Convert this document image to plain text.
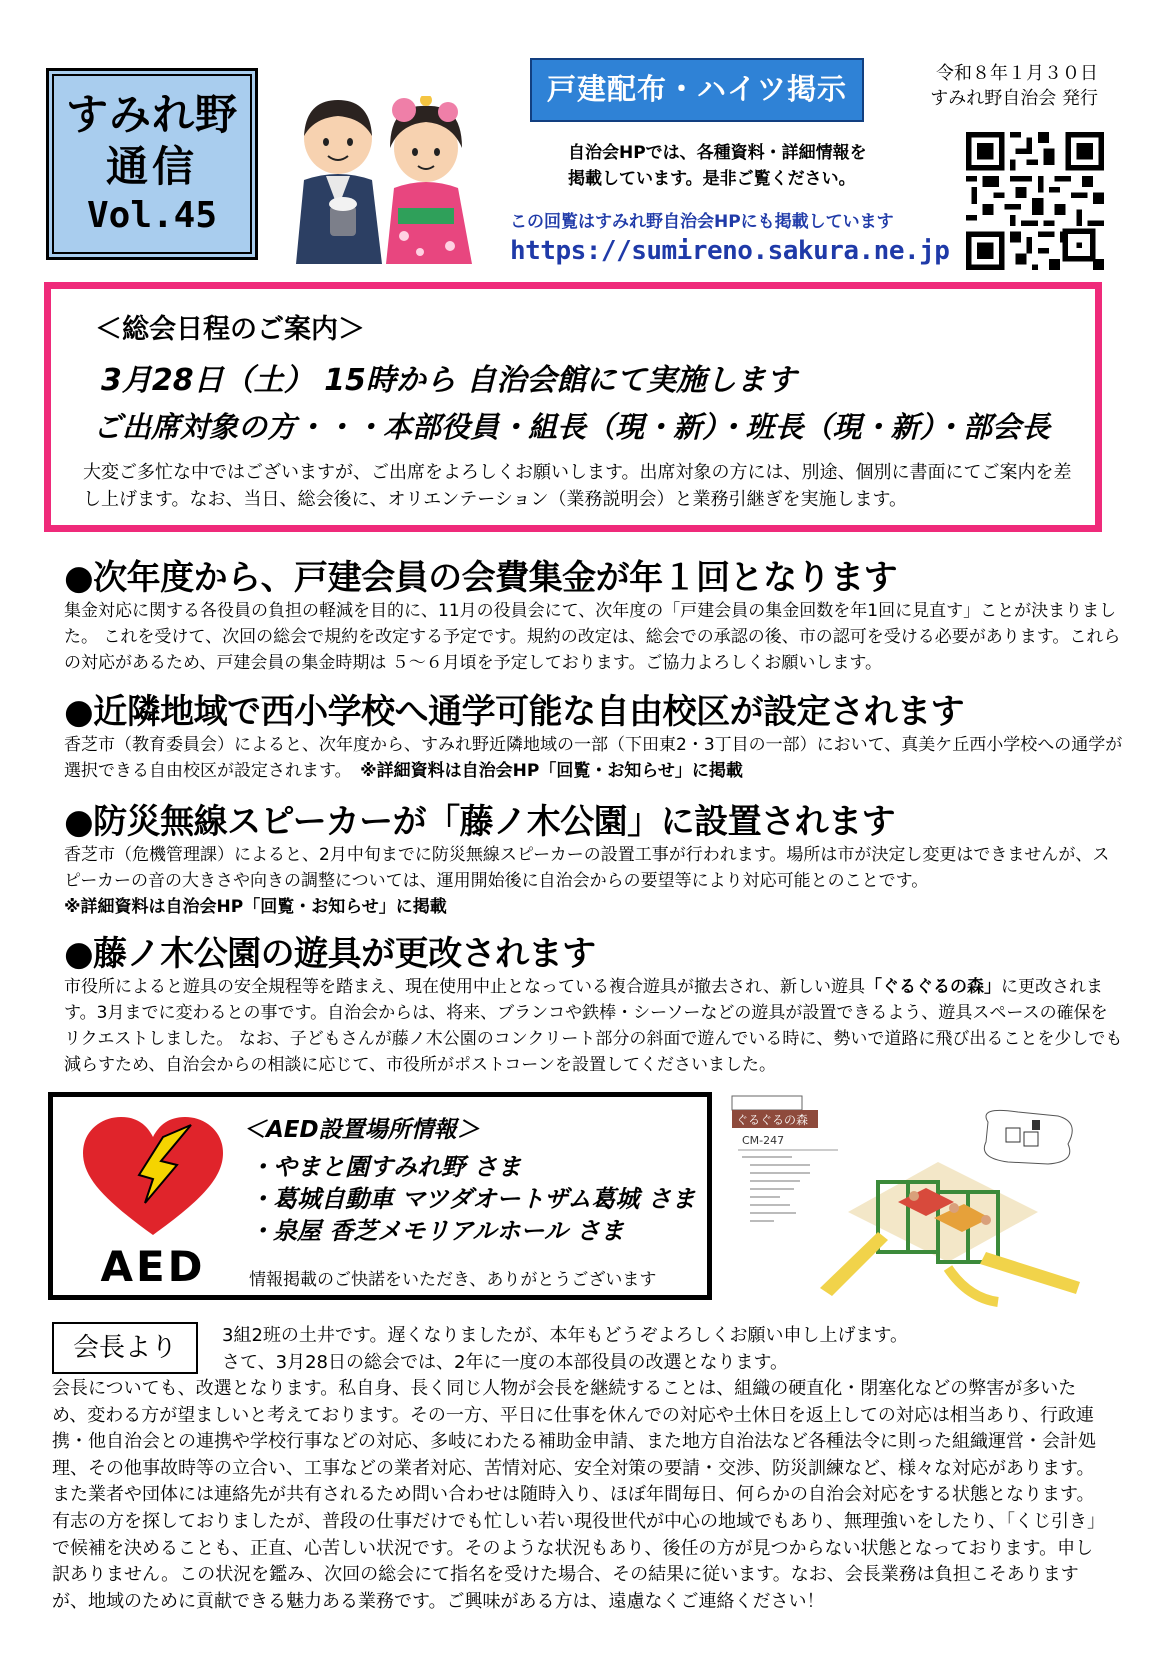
すみれ野
通信
Vol.45
戸建配布・ハイツ掲示
自治会HPでは、各種資料・詳細情報を
掲載しています。是非ご覧ください。
この回覧はすみれ野自治会HPにも掲載しています
https://sumireno.sakura.ne.jp
令和８年１月３０日
すみれ野自治会 発行
＜総会日程のご案内＞
3月28日（土） 15時から 自治会館にて実施します
ご出席対象の方・・・本部役員・組長（現・新）・班長（現・新）・部会長
大変ご多忙な中ではございますが、ご出席をよろしくお願いします。出席対象の方には、別途、個別に書面にてご案内を差し上げます。なお、当日、総会後に、オリエンテーション（業務説明会）と業務引継ぎを実施します。
●次年度から、戸建会員の会費集金が年１回となります
集金対応に関する各役員の負担の軽減を目的に、11月の役員会にて、次年度の「戸建会員の集金回数を年1回に見直す」ことが決まりました。 これを受けて、次回の総会で規約を改定する予定です。規約の改定は、総会での承認の後、市の認可を受ける必要があります。これらの対応があるため、戸建会員の集金時期は ５～６月頃を予定しております。ご協力よろしくお願いします。
●近隣地域で西小学校へ通学可能な自由校区が設定されます
香芝市（教育委員会）によると、次年度から、すみれ野近隣地域の一部（下田東2・3丁目の一部）において、真美ケ丘西小学校への通学が選択できる自由校区が設定されます。　 ※詳細資料は自治会HP「回覧・お知らせ」に掲載
●防災無線スピーカーが「藤ノ木公園」に設置されます
香芝市（危機管理課）によると、2月中旬までに防災無線スピーカーの設置工事が行われます。場所は市が決定し変更はできませんが、スピーカーの音の大きさや向きの調整については、運用開始後に自治会からの要望等により対応可能とのことです。
※詳細資料は自治会HP「回覧・お知らせ」に掲載
●藤ノ木公園の遊具が更改されます
市役所によると遊具の安全規程等を踏まえ、現在使用中止となっている複合遊具が撤去され、新しい遊具「ぐるぐるの森」に更改されます。3月までに変わるとの事です。自治会からは、将来、ブランコや鉄棒・シーソーなどの遊具が設置できるよう、遊具スペースの確保をリクエストしました。 なお、子どもさんが藤ノ木公園のコンクリート部分の斜面で遊んでいる時に、勢いで道路に飛び出ることを少しでも減らすため、自治会からの相談に応じて、市役所がポストコーンを設置してくださいました。
AED
＜AED設置場所情報＞
・やまと園すみれ野 さま
・葛城自動車 マツダオートザム葛城 さま
・泉屋 香芝メモリアルホール さま
情報掲載のご快諾をいただき、ありがとうございます
ぐるぐるの森
CM-247
会長より	3組2班の土井です。遅くなりましたが、本年もどうぞよろしくお願い申し上げます。
さて、3月28日の総会では、2年に一度の本部役員の改選となります。
会長についても、改選となります。私自身、長く同じ人物が会長を継続することは、組織の硬直化・閉塞化などの弊害が多いため、変わる方が望ましいと考えております。その一方、平日に仕事を休んでの対応や土休日を返上しての対応は相当あり、行政連携・他自治会との連携や学校行事などの対応、多岐にわたる補助金申請、また地方自治法など各種法令に則った組織運営・会計処理、その他事故時等の立合い、工事などの業者対応、苦情対応、安全対策の要請・交渉、防災訓練など、様々な対応があります。また業者や団体には連絡先が共有されるため問い合わせは随時入り、ほぼ年間毎日、何らかの自治会対応をする状態となります。有志の方を探しておりましたが、普段の仕事だけでも忙しい若い現役世代が中心の地域でもあり、無理強いをしたり、「くじ引き」で候補を決めることも、正直、心苦しい状況です。そのような状況もあり、後任の方が見つからない状態となっております。申し訳ありません。この状況を鑑み、次回の総会にて指名を受けた場合、その結果に従います。なお、会長業務は負担こそありますが、地域のために貢献できる魅力ある業務です。ご興味がある方は、遠慮なくご連絡ください！
